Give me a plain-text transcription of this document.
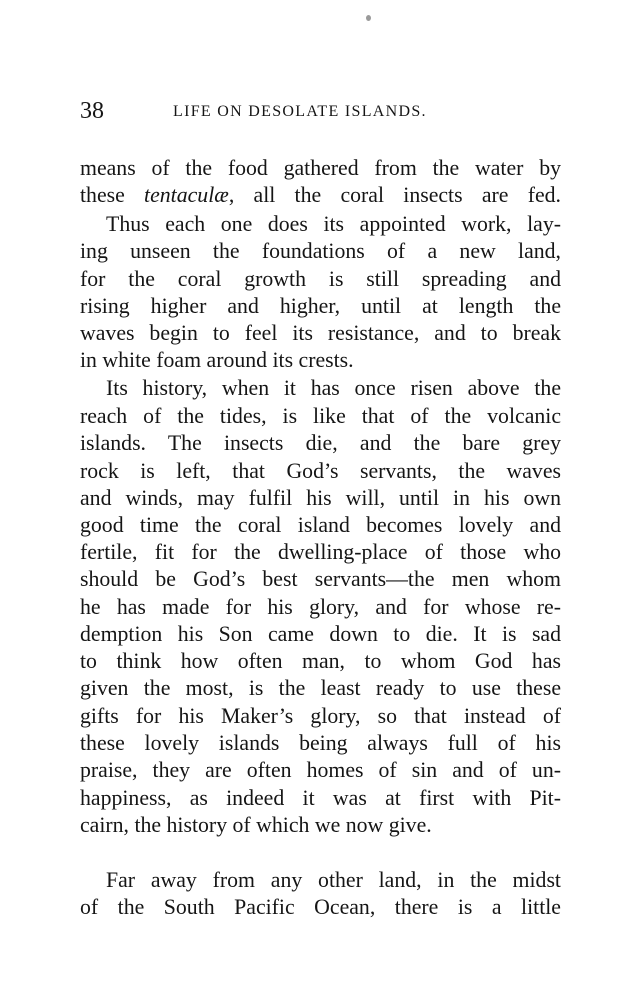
38	LIFE ON DESOLATE ISLANDS.
means of the food gathered from the water by
these tentaculæ, all the coral insects are fed.
Thus each one does its appointed work, lay-
ing unseen the foundations of a new land,
for the coral growth is still spreading and
rising higher and higher, until at length the
waves begin to feel its resistance, and to break
in white foam around its crests.
Its history, when it has once risen above the
reach of the tides, is like that of the volcanic
islands. The insects die, and the bare grey
rock is left, that God’s servants, the waves
and winds, may fulfil his will, until in his own
good time the coral island becomes lovely and
fertile, fit for the dwelling-place of those who
should be God’s best servants—the men whom
he has made for his glory, and for whose re-
demption his Son came down to die. It is sad
to think how often man, to whom God has
given the most, is the least ready to use these
gifts for his Maker’s glory, so that instead of
these lovely islands being always full of his
praise, they are often homes of sin and of un-
happiness, as indeed it was at first with Pit-
cairn, the history of which we now give.
Far away from any other land, in the midst
of the South Pacific Ocean, there is a little
